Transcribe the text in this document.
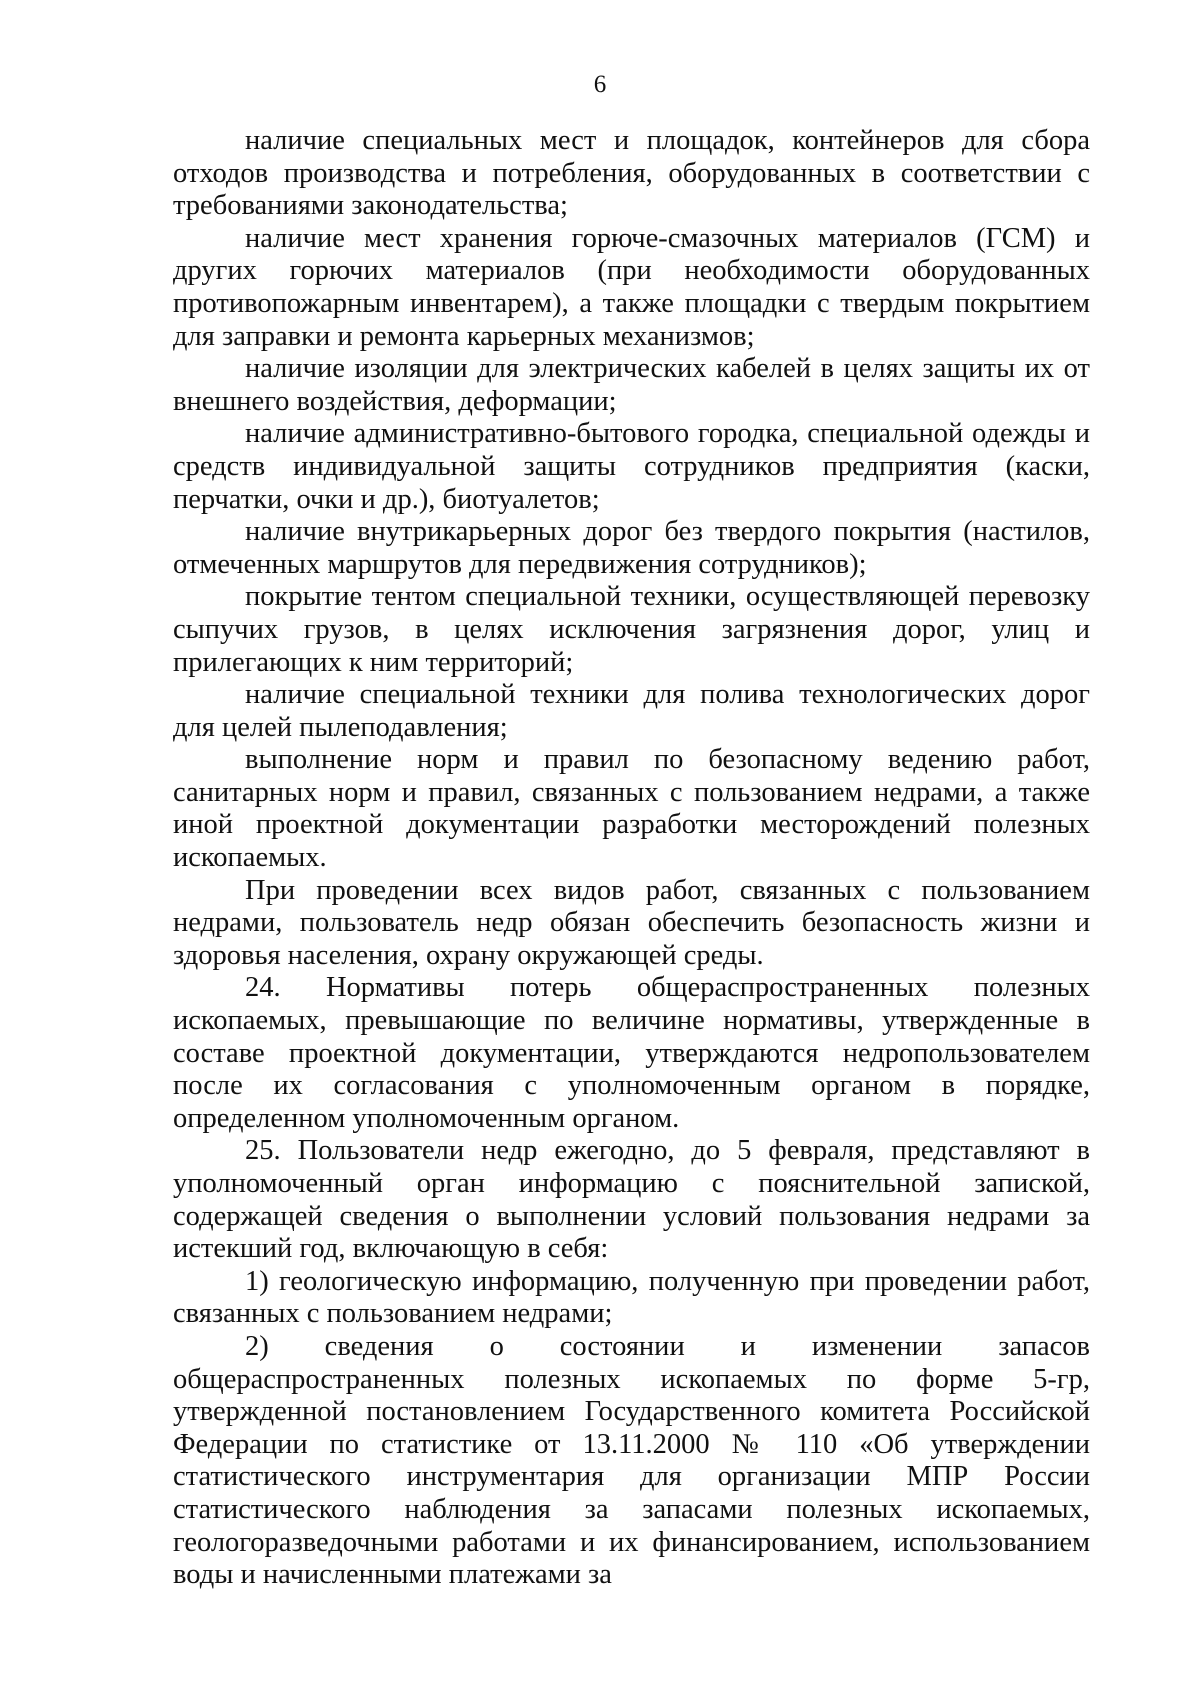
6

наличие специальных мест и площадок, контейнеров для сбора отходов производства и потребления, оборудованных в соответствии с требованиями законодательства;

наличие мест хранения горюче-смазочных материалов (ГСМ) и других горючих материалов (при необходимости оборудованных противопожарным инвентарем), а также площадки с твердым покрытием для заправки и ремонта карьерных механизмов;

наличие изоляции для электрических кабелей в целях защиты их от внешнего воздействия, деформации;

наличие административно-бытового городка, специальной одежды и средств индивидуальной защиты сотрудников предприятия (каски, перчатки, очки и др.), биотуалетов;

наличие внутрикарьерных дорог без твердого покрытия (настилов, отмеченных маршрутов для передвижения сотрудников);

покрытие тентом специальной техники, осуществляющей перевозку сыпучих грузов, в целях исключения загрязнения дорог, улиц и прилегающих к ним территорий;

наличие специальной техники для полива технологических дорог для целей пылеподавления;

выполнение норм и правил по безопасному ведению работ, санитарных норм и правил, связанных с пользованием недрами, а также иной проектной документации разработки месторождений полезных ископаемых.

При проведении всех видов работ, связанных с пользованием недрами, пользователь недр обязан обеспечить безопасность жизни и здоровья населения, охрану окружающей среды.

24. Нормативы потерь общераспространенных полезных ископаемых, превышающие по величине нормативы, утвержденные в составе проектной документации, утверждаются недропользователем после их согласования с уполномоченным органом в порядке, определенном уполномоченным органом.

25. Пользователи недр ежегодно, до 5 февраля, представляют в уполномоченный орган информацию с пояснительной запиской, содержащей сведения о выполнении условий пользования недрами за истекший год, включающую в себя:

1) геологическую информацию, полученную при проведении работ, связанных с пользованием недрами;

2) сведения о состоянии и изменении запасов общераспространенных полезных ископаемых по форме 5-гр, утвержденной постановлением Государственного комитета Российской Федерации по статистике от 13.11.2000 № 110 «Об утверждении статистического инструментария для организации МПР России статистического наблюдения за запасами полезных ископаемых, геологоразведочными работами и их финансированием, использованием воды и начисленными платежами за
